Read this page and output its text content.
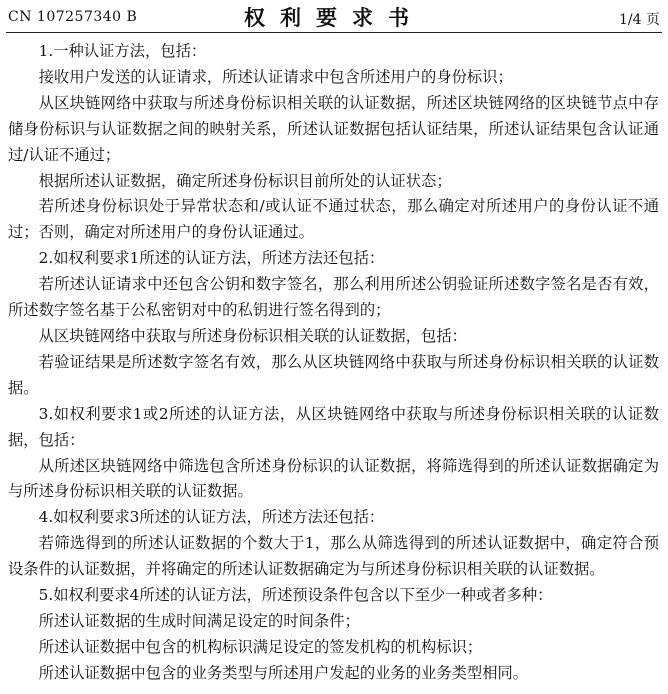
CN 107257340 B	权利要求书	1/4 页

1.一种认证方法，包括：

接收用户发送的认证请求，所述认证请求中包含所述用户的身份标识；

从区块链网络中获取与所述身份标识相关联的认证数据，所述区块链网络的区块链节点中存储身份标识与认证数据之间的映射关系，所述认证数据包括认证结果，所述认证结果包含认证通过/认证不通过；

根据所述认证数据，确定所述身份标识目前所处的认证状态；

若所述身份标识处于异常状态和/或认证不通过状态，那么确定对所述用户的身份认证不通过；否则，确定对所述用户的身份认证通过。

2.如权利要求1所述的认证方法，所述方法还包括：

若所述认证请求中还包含公钥和数字签名，那么利用所述公钥验证所述数字签名是否有效，所述数字签名基于公私密钥对中的私钥进行签名得到的；

从区块链网络中获取与所述身份标识相关联的认证数据，包括：

若验证结果是所述数字签名有效，那么从区块链网络中获取与所述身份标识相关联的认证数据。

3.如权利要求1或2所述的认证方法，从区块链网络中获取与所述身份标识相关联的认证数据，包括：

从所述区块链网络中筛选包含所述身份标识的认证数据，将筛选得到的所述认证数据确定为与所述身份标识相关联的认证数据。

4.如权利要求3所述的认证方法，所述方法还包括：

若筛选得到的所述认证数据的个数大于1，那么从筛选得到的所述认证数据中，确定符合预设条件的认证数据，并将确定的所述认证数据确定为与所述身份标识相关联的认证数据。

5.如权利要求4所述的认证方法，所述预设条件包含以下至少一种或者多种：

所述认证数据的生成时间满足设定的时间条件；

所述认证数据中包含的机构标识满足设定的签发机构的机构标识；

所述认证数据中包含的业务类型与所述用户发起的业务的业务类型相同。
